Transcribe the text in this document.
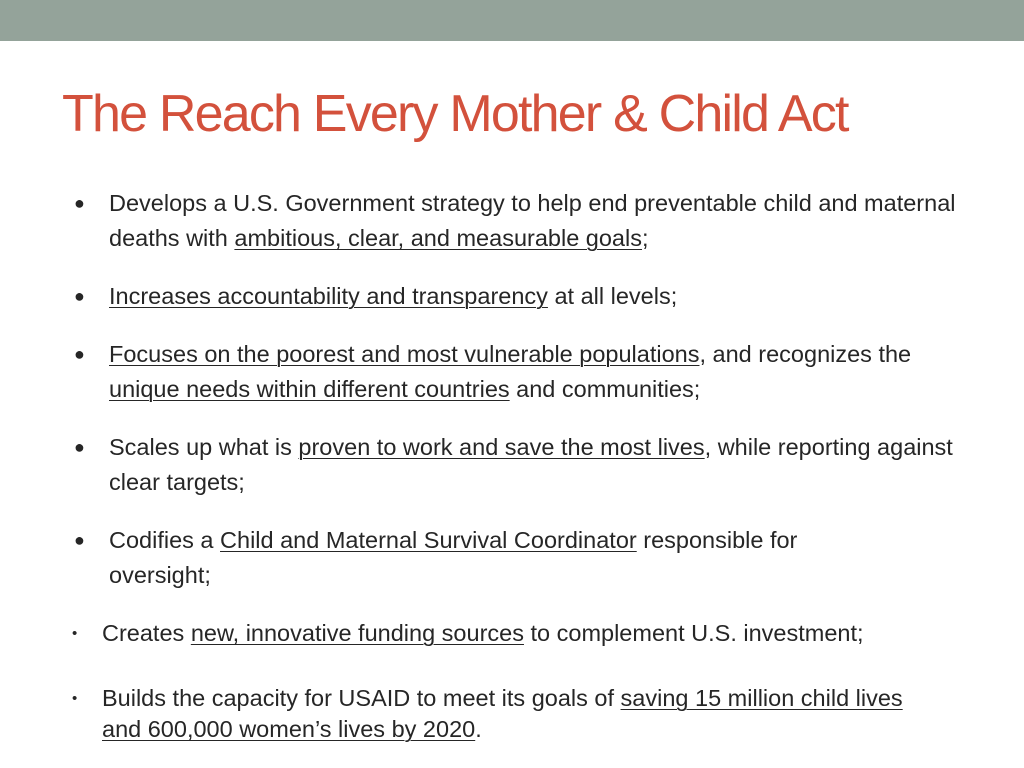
The Reach Every Mother & Child Act
● Develops a U.S. Government strategy to help end preventable child and maternal deaths with ambitious, clear, and measurable goals;
● Increases accountability and transparency at all levels;
● Focuses on the poorest and most vulnerable populations, and recognizes the unique needs within different countries and communities;
● Scales up what is proven to work and save the most lives, while reporting against clear targets;
● Codifies a Child and Maternal Survival Coordinator responsible for oversight;
• Creates new, innovative funding sources to complement U.S. investment;
• Builds the capacity for USAID to meet its goals of saving 15 million child lives and 600,000 women’s lives by 2020.
